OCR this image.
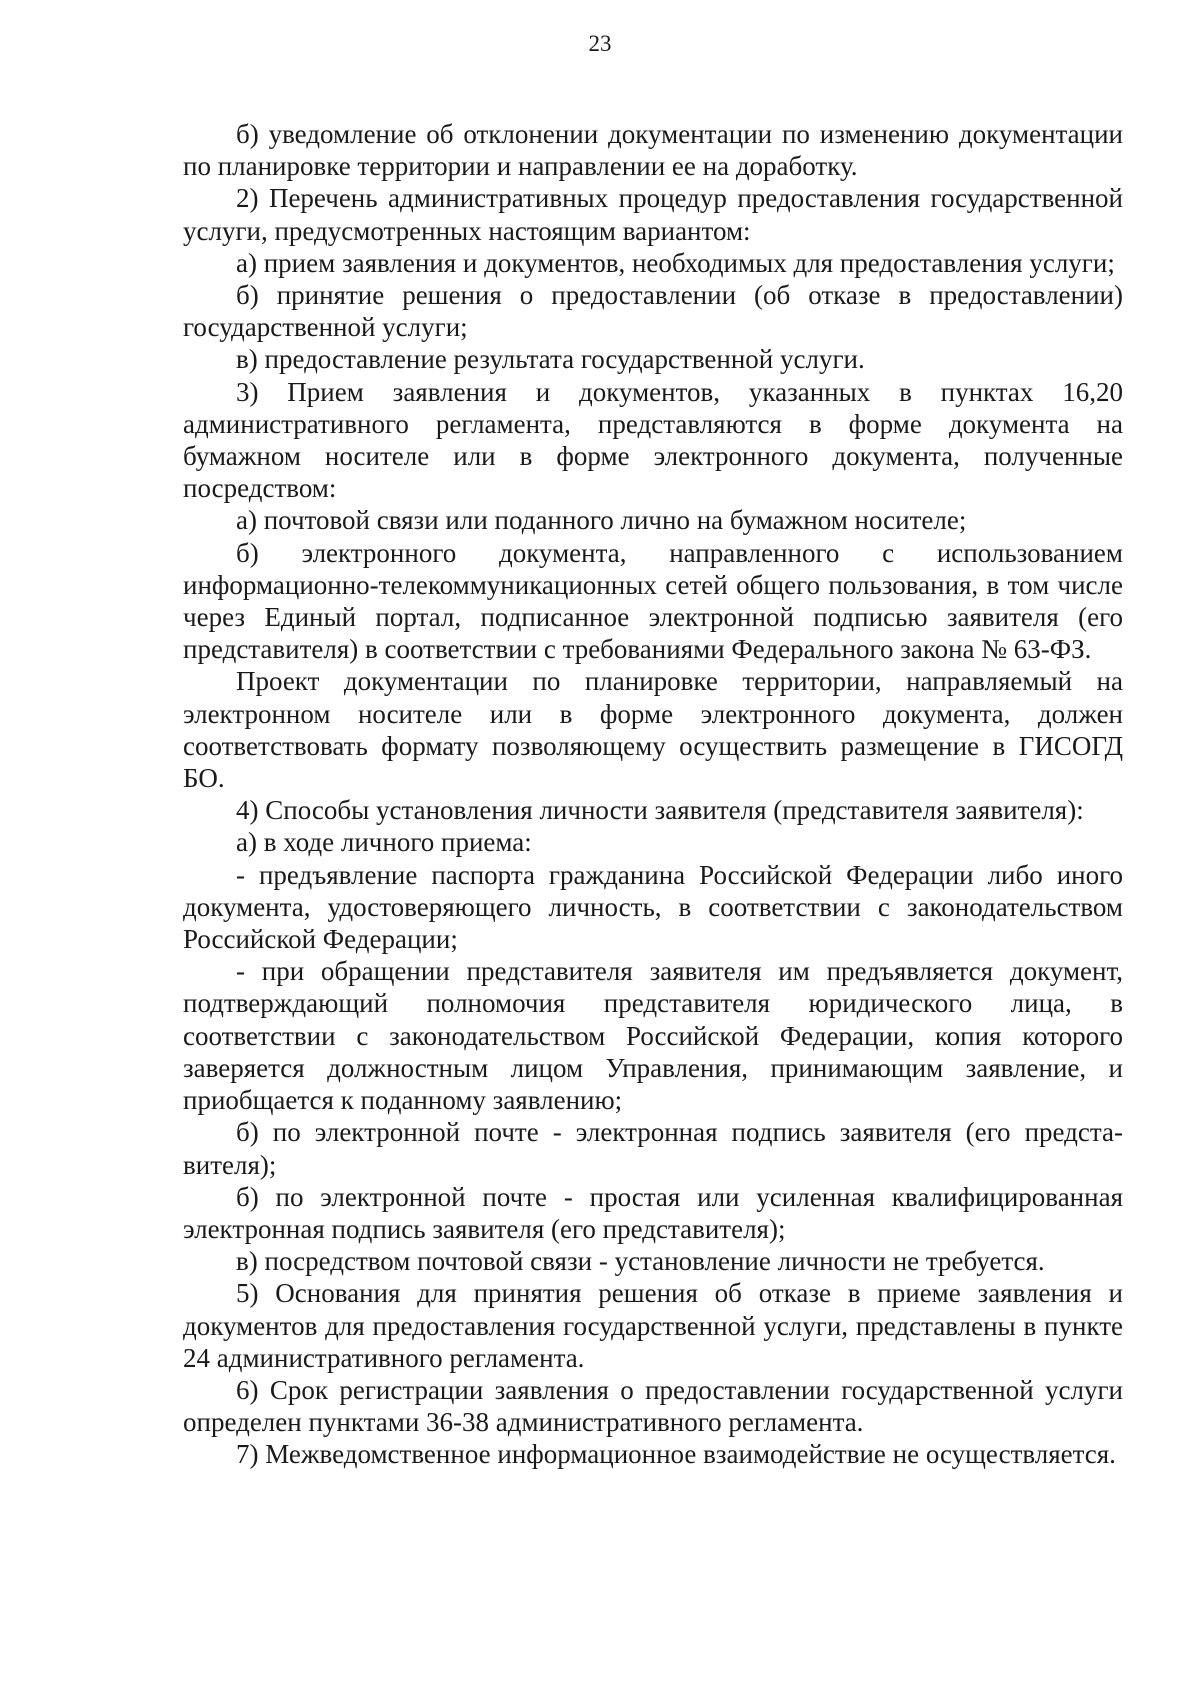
23

б) уведомление об отклонении документации по изменению документации по планировке территории и направлении ее на доработку.

2) Перечень административных процедур предоставления государственной услуги, предусмотренных настоящим вариантом:

а) прием заявления и документов, необходимых для предоставления услуги;

б) принятие решения о предоставлении (об отказе в предоставлении) государственной услуги;

в) предоставление результата государственной услуги.

3) Прием заявления и документов, указанных в пунктах 16,20 административного регламента, представляются в форме документа на бумажном носителе или в форме электронного документа, полученные посредством:

а) почтовой связи или поданного лично на бумажном носителе;

б) электронного документа, направленного с использованием информационно-телекоммуникационных сетей общего пользования, в том числе через Единый портал, подписанное электронной подписью заявителя (его представителя) в соответствии с требованиями Федерального закона № 63-ФЗ.

Проект документации по планировке территории, направляемый на электронном носителе или в форме электронного документа, должен соответствовать формату позволяющему осуществить размещение в ГИСОГД БО.

4) Способы установления личности заявителя (представителя заявителя):

а) в ходе личного приема:

- предъявление паспорта гражданина Российской Федерации либо иного документа, удостоверяющего личность, в соответствии с законодательством Российской Федерации;

- при обращении представителя заявителя им предъявляется документ, подтверждающий полномочия представителя юридического лица, в соответствии с законодательством Российской Федерации, копия которого заверяется должностным лицом Управления, принимающим заявление, и приобщается к поданному заявлению;

б) по электронной почте - электронная подпись заявителя (его представителя);

б) по электронной почте - простая или усиленная квалифицированная электронная подпись заявителя (его представителя);

в) посредством почтовой связи - установление личности не требуется.

5) Основания для принятия решения об отказе в приеме заявления и документов для предоставления государственной услуги, представлены в пункте 24 административного регламента.

6) Срок регистрации заявления о предоставлении государственной услуги определен пунктами 36-38 административного регламента.

7) Межведомственное информационное взаимодействие не осуществляется.
